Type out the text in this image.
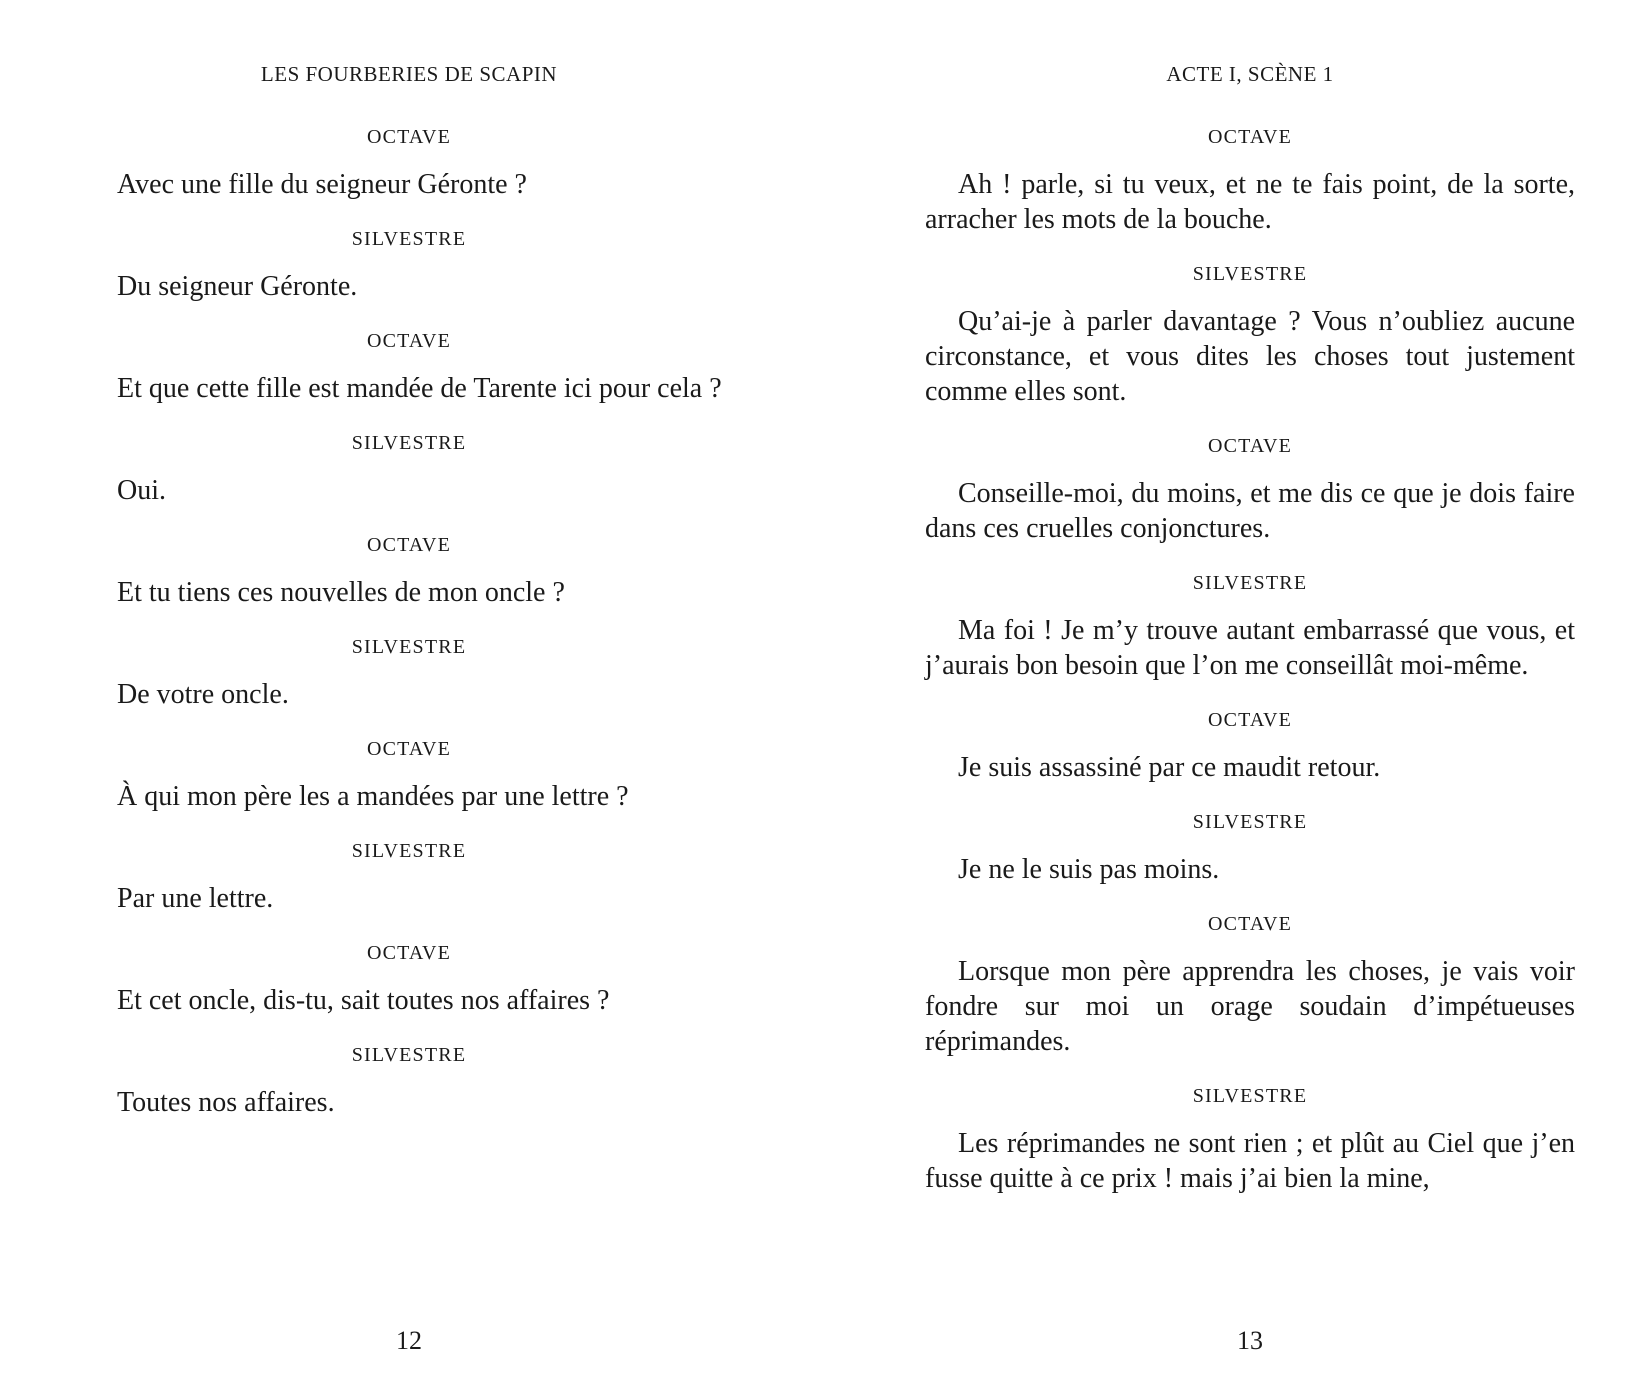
LES FOURBERIES DE SCAPIN

OCTAVE

Avec une fille du seigneur Géronte ?

SILVESTRE

Du seigneur Géronte.

OCTAVE

Et que cette fille est mandée de Tarente ici pour cela ?

SILVESTRE

Oui.

OCTAVE

Et tu tiens ces nouvelles de mon oncle ?

SILVESTRE

De votre oncle.

OCTAVE

À qui mon père les a mandées par une lettre ?

SILVESTRE

Par une lettre.

OCTAVE

Et cet oncle, dis-tu, sait toutes nos affaires ?

SILVESTRE

Toutes nos affaires.

12
ACTE I, SCÈNE 1

OCTAVE

Ah ! parle, si tu veux, et ne te fais point, de la sorte, arracher les mots de la bouche.

SILVESTRE

Qu’ai-je à parler davantage ? Vous n’oubliez aucune circonstance, et vous dites les choses tout justement comme elles sont.

OCTAVE

Conseille-moi, du moins, et me dis ce que je dois faire dans ces cruelles conjonctures.

SILVESTRE

Ma foi ! Je m’y trouve autant embarrassé que vous, et j’aurais bon besoin que l’on me conseillât moi-même.

OCTAVE

Je suis assassiné par ce maudit retour.

SILVESTRE

Je ne le suis pas moins.

OCTAVE

Lorsque mon père apprendra les choses, je vais voir fondre sur moi un orage soudain d’impétueuses réprimandes.

SILVESTRE

Les réprimandes ne sont rien ; et plût au Ciel que j’en fusse quitte à ce prix ! mais j’ai bien la mine,

13
